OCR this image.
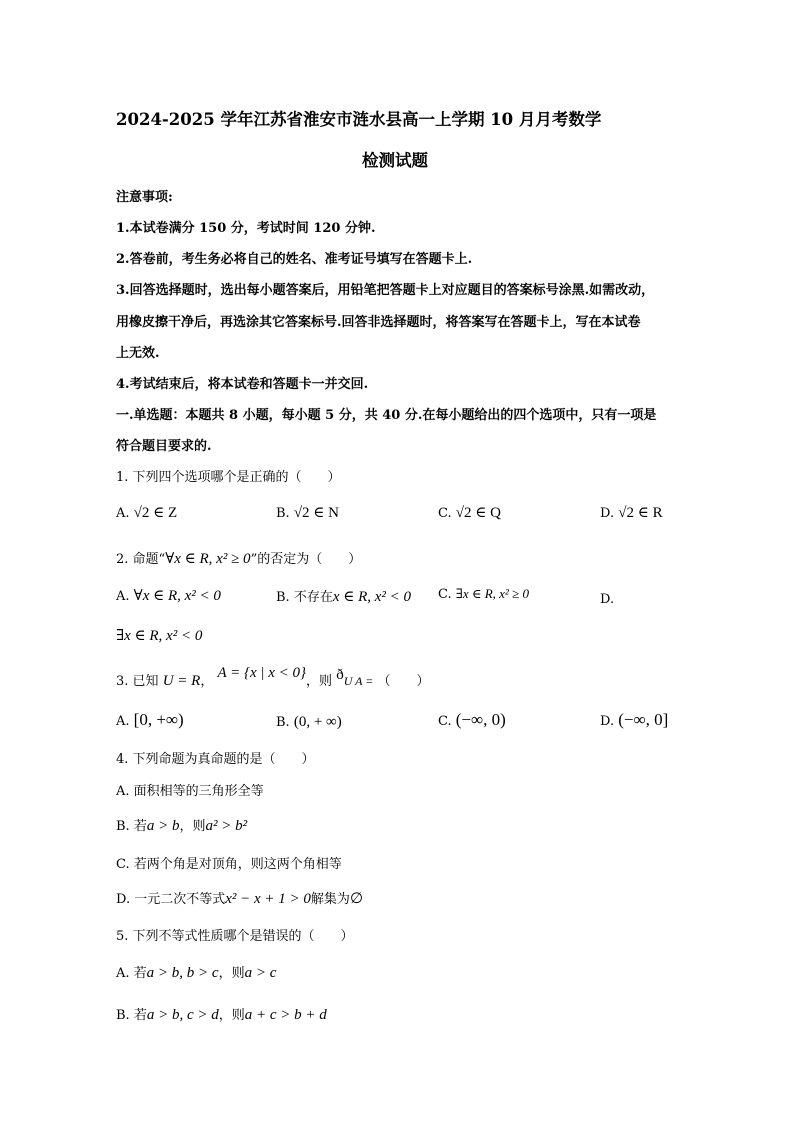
2024-2025 学年江苏省淮安市涟水县高一上学期 10 月月考数学
检测试题
注意事项:
1.本试卷满分 150 分，考试时间 120 分钟.
2.答卷前，考生务必将自己的姓名、准考证号填写在答题卡上.
3.回答选择题时，选出每小题答案后，用铅笔把答题卡上对应题目的答案标号涂黑.如需改动，
用橡皮擦干净后，再选涂其它答案标号.回答非选择题时，将答案写在答题卡上，写在本试卷
上无效.
4.考试结束后，将本试卷和答题卡一并交回.
一.单选题：本题共 8 小题，每小题 5 分，共 40 分.在每小题给出的四个选项中，只有一项是
符合题目要求的.
1. 下列四个选项哪个是正确的（　　）
A. √2 ∈ Z	B. √2 ∈ N	C. √2 ∈ Q	D. √2 ∈ R
2. 命题“∀x ∈ R, x² ≥ 0”的否定为（　　）
A. ∀x ∈ R, x² < 0	B. 不存在x ∈ R, x² < 0 C. ∃x ∈ R, x² ≥ 0	D.
∃x ∈ R, x² < 0
3. 已知 U = R， A = {x | x < 0}，则 ðU A = （　　）
A. [0, +∞)	B. (0, + ∞)	C. (−∞, 0)	D. (−∞, 0]
4. 下列命题为真命题的是（　　）
A. 面积相等的三角形全等
B. 若a > b，则a² > b²
C. 若两个角是对顶角，则这两个角相等
D. 一元二次不等式x² − x + 1 > 0解集为∅
5. 下列不等式性质哪个是错误的（　　）
A. 若a > b, b > c，则a > c
B. 若a > b, c > d，则a + c > b + d
